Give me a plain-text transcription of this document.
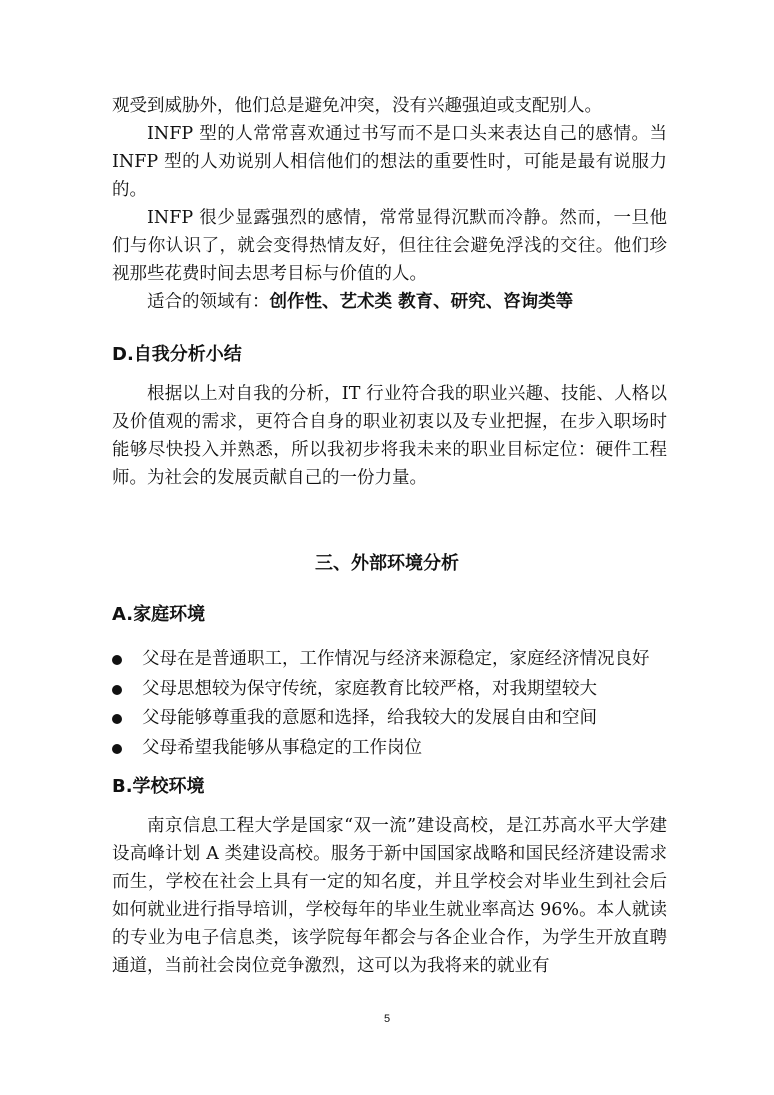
观受到威胁外，他们总是避免冲突，没有兴趣强迫或支配别人。

INFP 型的人常常喜欢通过书写而不是口头来表达自己的感情。当INFP 型的人劝说别人相信他们的想法的重要性时，可能是最有说服力的。

INFP 很少显露强烈的感情，常常显得沉默而冷静。然而，一旦他们与你认识了，就会变得热情友好，但往往会避免浮浅的交往。他们珍视那些花费时间去思考目标与价值的人。

适合的领域有：创作性、艺术类 教育、研究、咨询类等

D.自我分析小结

根据以上对自我的分析，IT 行业符合我的职业兴趣、技能、人格以及价值观的需求，更符合自身的职业初衷以及专业把握，在步入职场时能够尽快投入并熟悉，所以我初步将我未来的职业目标定位：硬件工程师。为社会的发展贡献自己的一份力量。

三、外部环境分析
A.家庭环境
父母在是普通职工，工作情况与经济来源稳定，家庭经济情况良好
父母思想较为保守传统，家庭教育比较严格，对我期望较大
父母能够尊重我的意愿和选择，给我较大的发展自由和空间
父母希望我能够从事稳定的工作岗位
B.学校环境

南京信息工程大学是国家“双一流”建设高校，是江苏高水平大学建设高峰计划 A 类建设高校。服务于新中国国家战略和国民经济建设需求而生，学校在社会上具有一定的知名度，并且学校会对毕业生到社会后如何就业进行指导培训，学校每年的毕业生就业率高达 96%。本人就读的专业为电子信息类，该学院每年都会与各企业合作，为学生开放直聘通道，当前社会岗位竞争激烈，这可以为我将来的就业有

5
